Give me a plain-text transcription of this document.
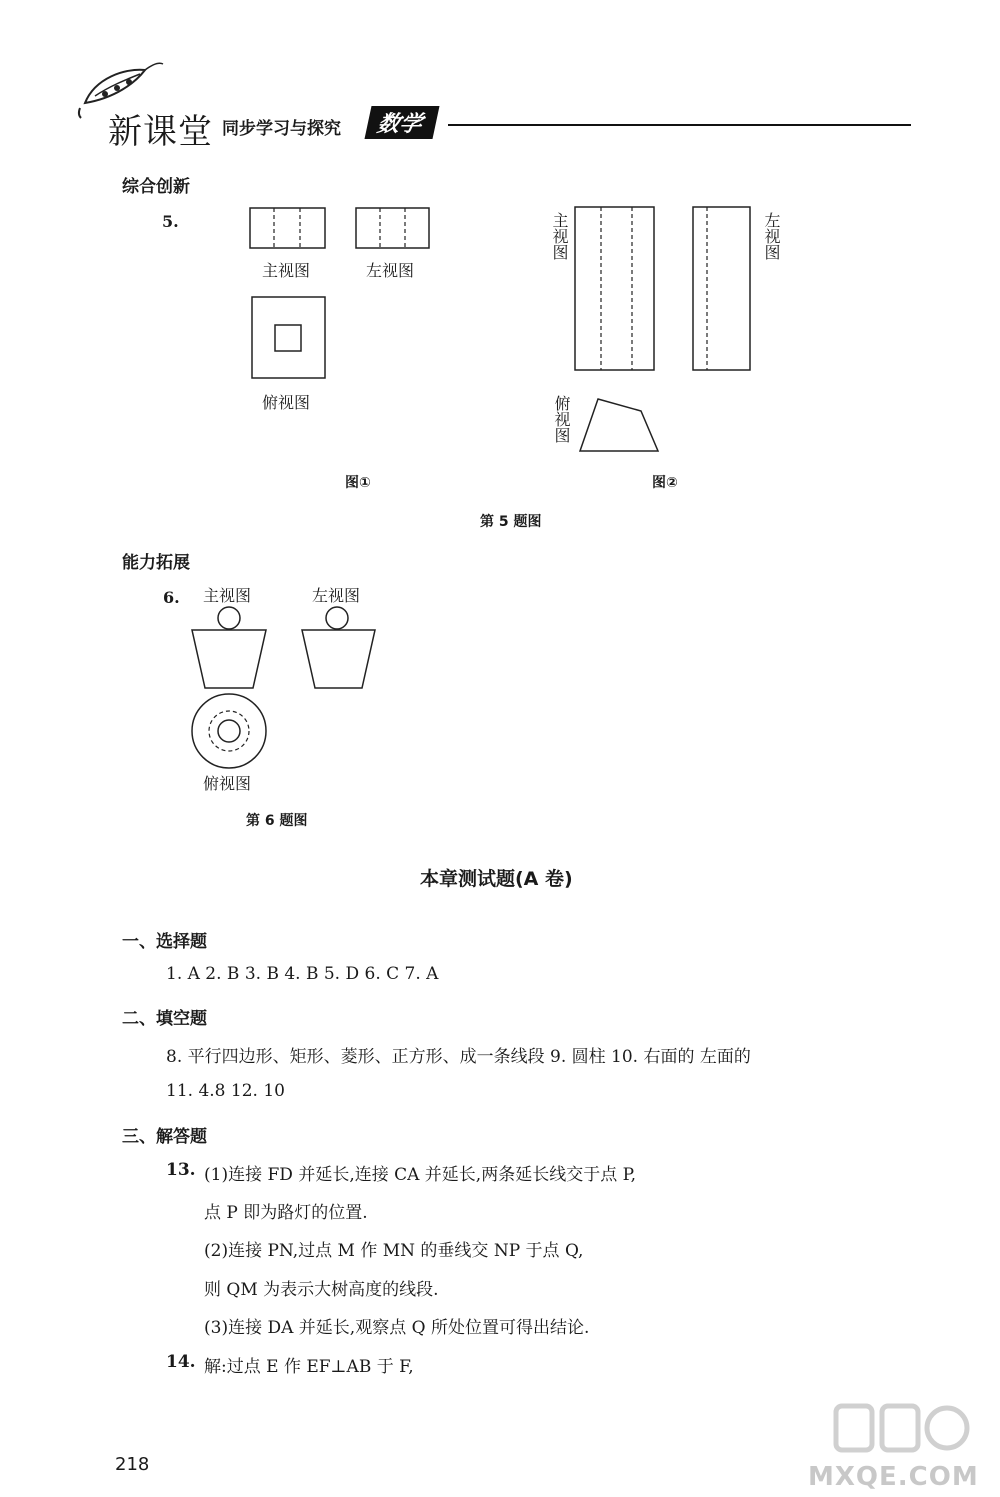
新课堂 同步学习与探究	数学
综合创新
5.
主视图	左视图
俯视图
图①
主视图	左视图
俯视图
图②
第 5 题图
能力拓展
6. 主视图	左视图
俯视图
第 6 题图
本章测试题(A 卷)
一、选择题
1. A 2. B 3. B 4. B 5. D 6. C 7. A
二、填空题
8. 平行四边形、矩形、菱形、正方形、成一条线段 9. 圆柱 10. 右面的 左面的
11. 4.8 12. 10
三、解答题
13. (1)连接 FD 并延长,连接 CA 并延长,两条延长线交于点 P,
点 P 即为路灯的位置.
(2)连接 PN,过点 M 作 MN 的垂线交 NP 于点 Q,
则 QM 为表示大树高度的线段.
(3)连接 DA 并延长,观察点 Q 所处位置可得出结论.
14. 解:过点 E 作 EF⊥AB 于 F,
218	MXQE.COM
